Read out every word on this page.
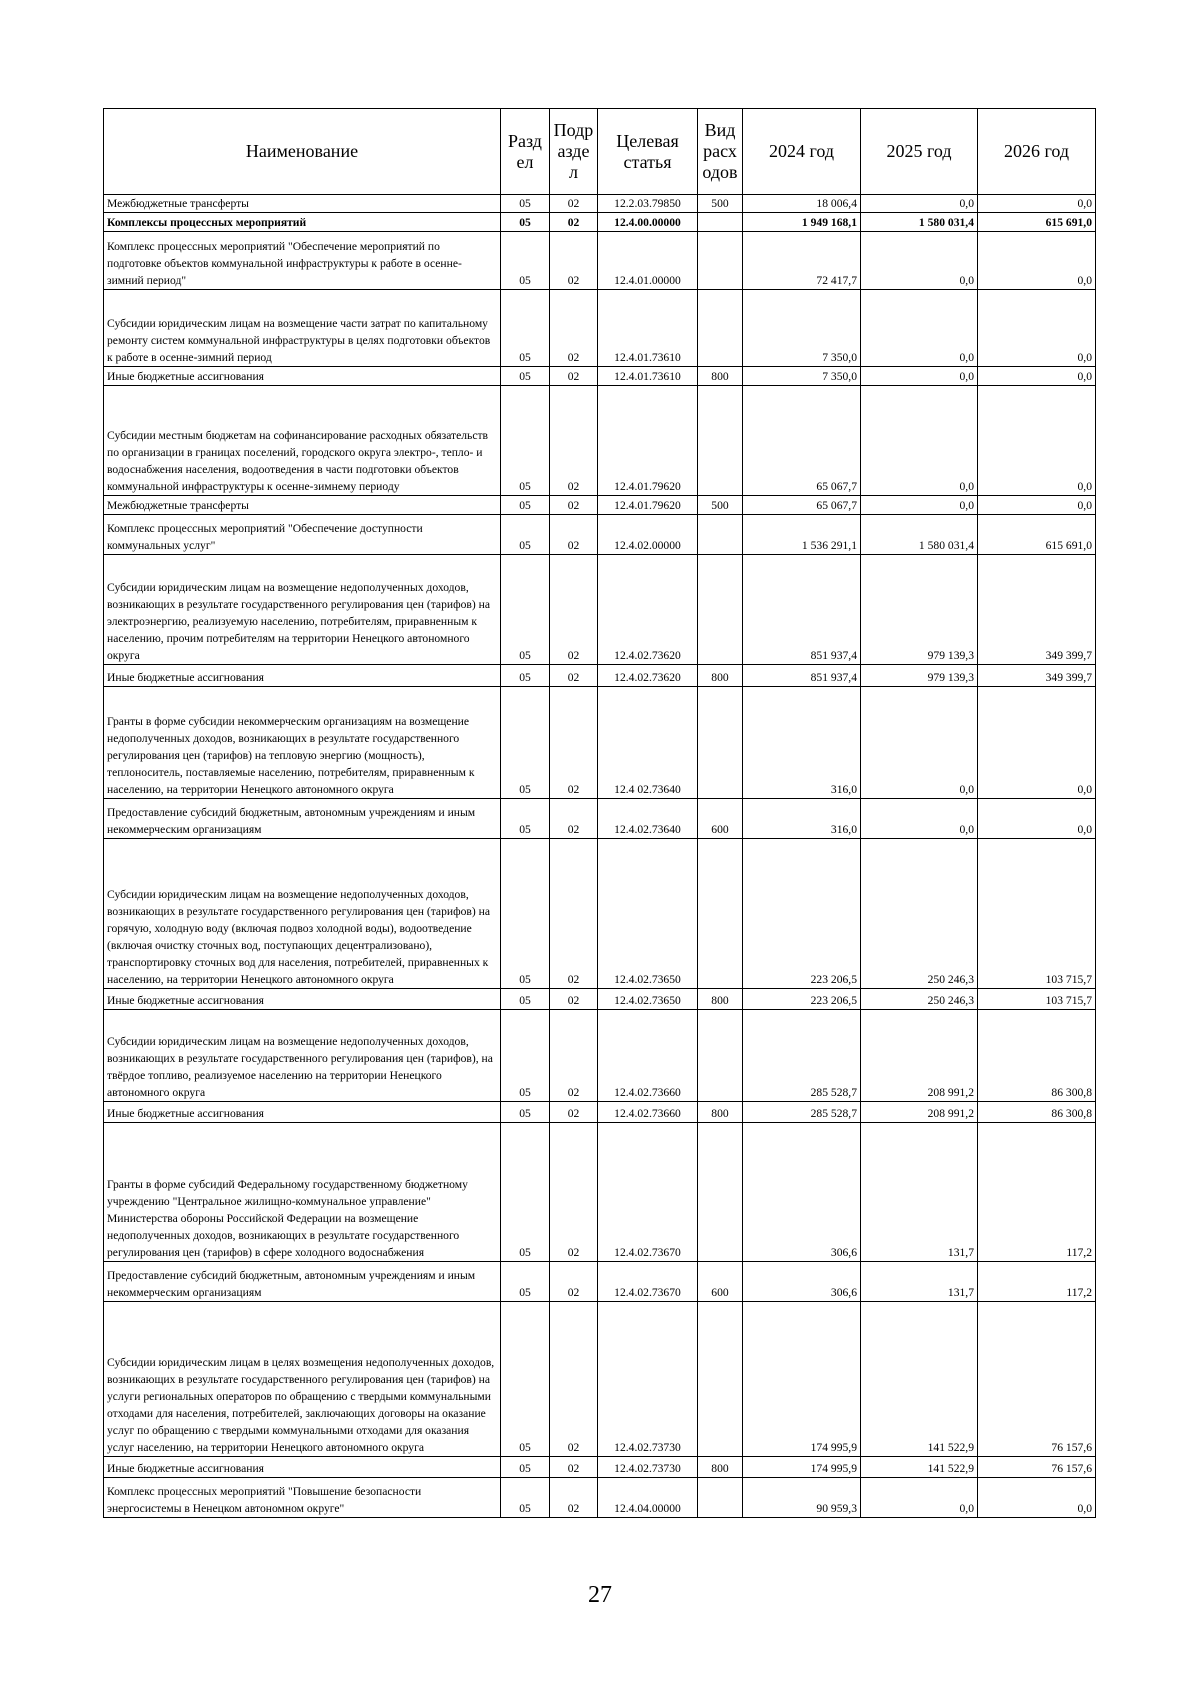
Наименование	Разд ел	Подр азде л	Целевая статья	Вид расх одов	2024 год	2025 год	2026 год
Межбюджетные трансферты	05	02	12.2.03.79850	500	18 006,4	0,0	0,0
Комплексы процессных мероприятий	05	02	12.4.00.00000		1 949 168,1	1 580 031,4	615 691,0
Комплекс процессных мероприятий "Обеспечение мероприятий по подготовке объектов коммунальной инфраструктуры к работе в осенне-зимний период"	05	02	12.4.01.00000		72 417,7	0,0	0,0
Субсидии юридическим лицам на возмещение части затрат по капитальному ремонту систем коммунальной инфраструктуры в целях подготовки объектов к работе в осенне-зимний период	05	02	12.4.01.73610		7 350,0	0,0	0,0
Иные бюджетные ассигнования	05	02	12.4.01.73610	800	7 350,0	0,0	0,0
Субсидии местным бюджетам на софинансирование расходных обязательств по организации в границах поселений, городского округа электро-, тепло- и водоснабжения населения, водоотведения в части подготовки объектов коммунальной инфраструктуры к осенне-зимнему периоду	05	02	12.4.01.79620		65 067,7	0,0	0,0
Межбюджетные трансферты	05	02	12.4.01.79620	500	65 067,7	0,0	0,0
Комплекс процессных мероприятий "Обеспечение доступности коммунальных услуг"	05	02	12.4.02.00000		1 536 291,1	1 580 031,4	615 691,0
Субсидии юридическим лицам на возмещение недополученных доходов, возникающих в результате государственного регулирования цен (тарифов) на электроэнергию, реализуемую населению, потребителям, приравненным к населению, прочим потребителям на территории Ненецкого автономного округа	05	02	12.4.02.73620		851 937,4	979 139,3	349 399,7
Иные бюджетные ассигнования	05	02	12.4.02.73620	800	851 937,4	979 139,3	349 399,7
Гранты в форме субсидии некоммерческим организациям на возмещение недополученных доходов, возникающих в результате государственного регулирования цен (тарифов) на тепловую энергию (мощность), теплоноситель, поставляемые населению, потребителям, приравненным к населению, на территории Ненецкого автономного округа	05	02	12.4 02.73640		316,0	0,0	0,0
Предоставление субсидий бюджетным, автономным учреждениям и иным некоммерческим организациям	05	02	12.4.02.73640	600	316,0	0,0	0,0
Субсидии юридическим лицам на возмещение недополученных доходов, возникающих в результате государственного регулирования цен (тарифов) на горячую, холодную воду (включая подвоз холодной воды), водоотведение (включая очистку сточных вод, поступающих децентрализовано), транспортировку сточных вод для населения, потребителей, приравненных к населению, на территории Ненецкого автономного округа	05	02	12.4.02.73650		223 206,5	250 246,3	103 715,7
Иные бюджетные ассигнования	05	02	12.4.02.73650	800	223 206,5	250 246,3	103 715,7
Субсидии юридическим лицам на возмещение недополученных доходов, возникающих в результате государственного регулирования цен (тарифов), на твёрдое топливо, реализуемое населению на территории Ненецкого автономного округа	05	02	12.4.02.73660		285 528,7	208 991,2	86 300,8
Иные бюджетные ассигнования	05	02	12.4.02.73660	800	285 528,7	208 991,2	86 300,8
Гранты в форме субсидий Федеральному государственному бюджетному учреждению "Центральное жилищно-коммунальное управление" Министерства обороны Российской Федерации на возмещение недополученных доходов, возникающих в результате государственного регулирования цен (тарифов) в сфере холодного водоснабжения	05	02	12.4.02.73670		306,6	131,7	117,2
Предоставление субсидий бюджетным, автономным учреждениям и иным некоммерческим организациям	05	02	12.4.02.73670	600	306,6	131,7	117,2
Субсидии юридическим лицам в целях возмещения недополученных доходов, возникающих в результате государственного регулирования цен (тарифов) на услуги региональных операторов по обращению с твердыми коммунальными отходами для населения, потребителей, заключающих договоры на оказание услуг по обращению с твердыми коммунальными отходами для оказания услуг населению, на территории Ненецкого автономного округа	05	02	12.4.02.73730		174 995,9	141 522,9	76 157,6
Иные бюджетные ассигнования	05	02	12.4.02.73730	800	174 995,9	141 522,9	76 157,6
Комплекс процессных мероприятий "Повышение безопасности энергосистемы в Ненецком автономном округе"	05	02	12.4.04.00000		90 959,3	0,0	0,0
27
